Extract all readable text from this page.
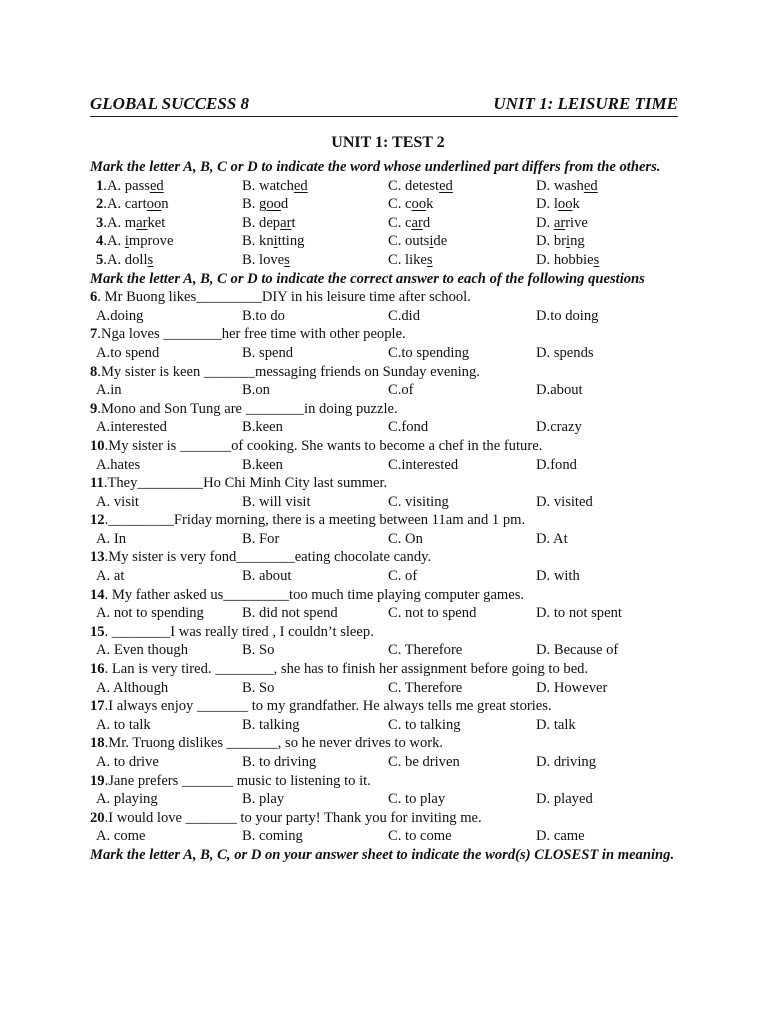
GLOBAL SUCCESS 8	UNIT 1: LEISURE TIME
UNIT 1: TEST 2
Mark the letter A, B, C or D to indicate the word whose underlined part differs from the others.
1.A. passed	B. watched	C. detested	D. washed
2.A. cartoon	B. good	C. cook	D. look
3.A. market	B. depart	C. card	D. arrive
4.A. improve	B. knitting	C. outside	D. bring
5.A. dolls	B. loves	C. likes	D. hobbies
Mark the letter A, B, C or D to indicate the correct answer to each of the following questions
6. Mr Buong likes_________DIY in his leisure time after school.
A.doing	B.to do	C.did	D.to doing
7.Nga loves ________her free time with other people.
A.to spend	B. spend	C.to spending	D. spends
8.My sister is keen _______messaging friends on Sunday evening.
A.in	B.on	C.of	D.about
9.Mono and Son Tung are ________in doing puzzle.
A.interested	B.keen	C.fond	D.crazy
10.My sister is _______of cooking. She wants to become a chef in the future.
A.hates	B.keen	C.interested	D.fond
11.They_________Ho Chi Minh City last summer.
A. visit	B. will visit	C. visiting	D. visited
12._________Friday morning, there is a meeting between 11am and 1 pm.
A. In	B. For	C. On	D. At
13.My sister is very fond________eating chocolate candy.
A. at	B. about	C. of	D. with
14. My father asked us_________too much time playing computer games.
A. not to spending	B. did not spend	C. not to spend	D. to not spent
15. ________I was really tired , I couldn’t sleep.
A. Even though	B. So	C. Therefore	D. Because of
16. Lan is very tired. ________, she has to finish her assignment before going to bed.
A. Although	B. So	C. Therefore	D. However
17.I always enjoy _______ to my grandfather. He always tells me great stories.
A. to talk	B. talking	C. to talking	D. talk
18.Mr. Truong dislikes _______, so he never drives to work.
A. to drive	B. to driving	C. be driven	D. driving
19.Jane prefers _______ music to listening to it.
A. playing	B. play	C. to play	D. played
20.I would love _______ to your party! Thank you for inviting me.
A. come	B. coming	C. to come	D. came
Mark the letter A, B, C, or D on your answer sheet to indicate the word(s) CLOSEST in meaning.
